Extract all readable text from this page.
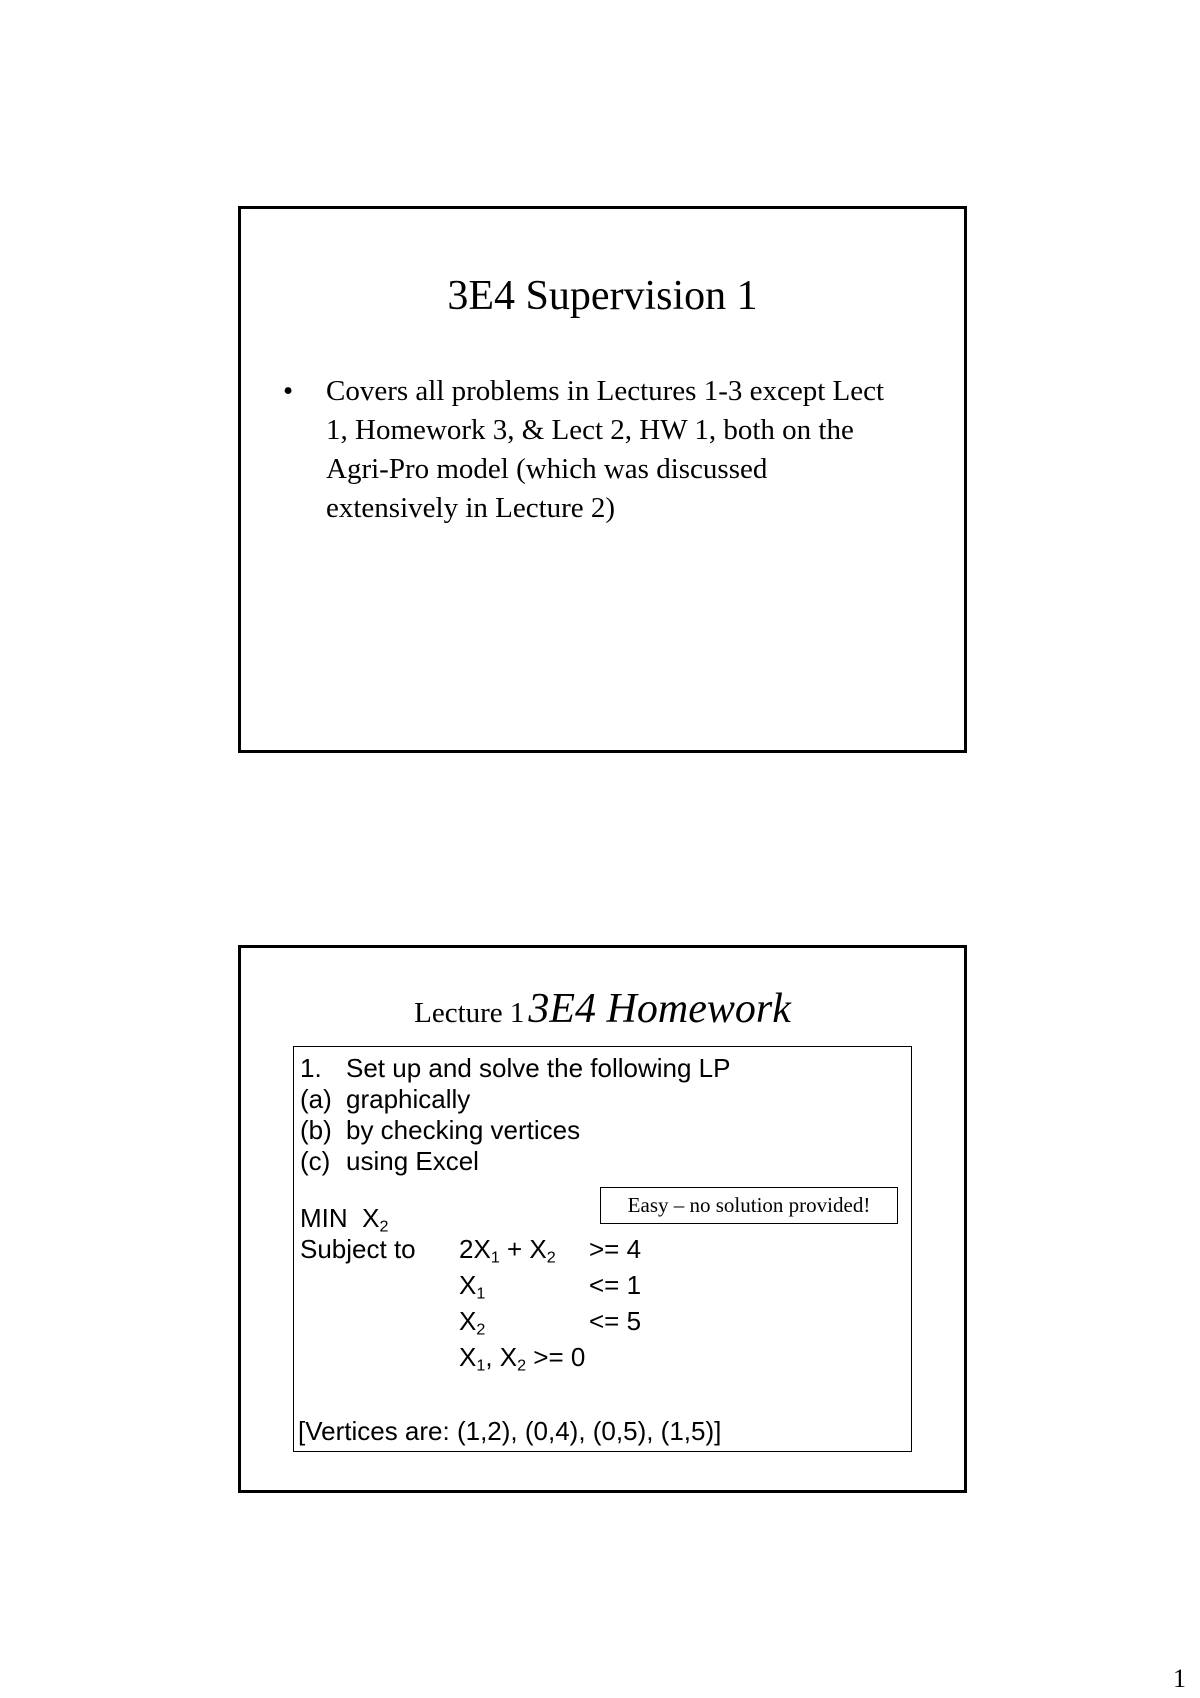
3E4 Supervision 1
• Covers all problems in Lectures 1-3 except Lect 1, Homework 3, & Lect 2, HW 1, both on the Agri-Pro model (which was discussed extensively in Lecture 2)
Lecture 1 3E4 Homework
1. Set up and solve the following LP
(a) graphically
(b) by checking vertices
(c) using Excel
Easy – no solution provided!
MIN $X_2$
Subject to $2X_1 + X_2 >= 4$
$X_1$	<= 1
$X_2$	<= 5
$X_1$, $X_2 >= 0$
[Vertices are: (1,2), (0,4), (0,5), (1,5)]
1
